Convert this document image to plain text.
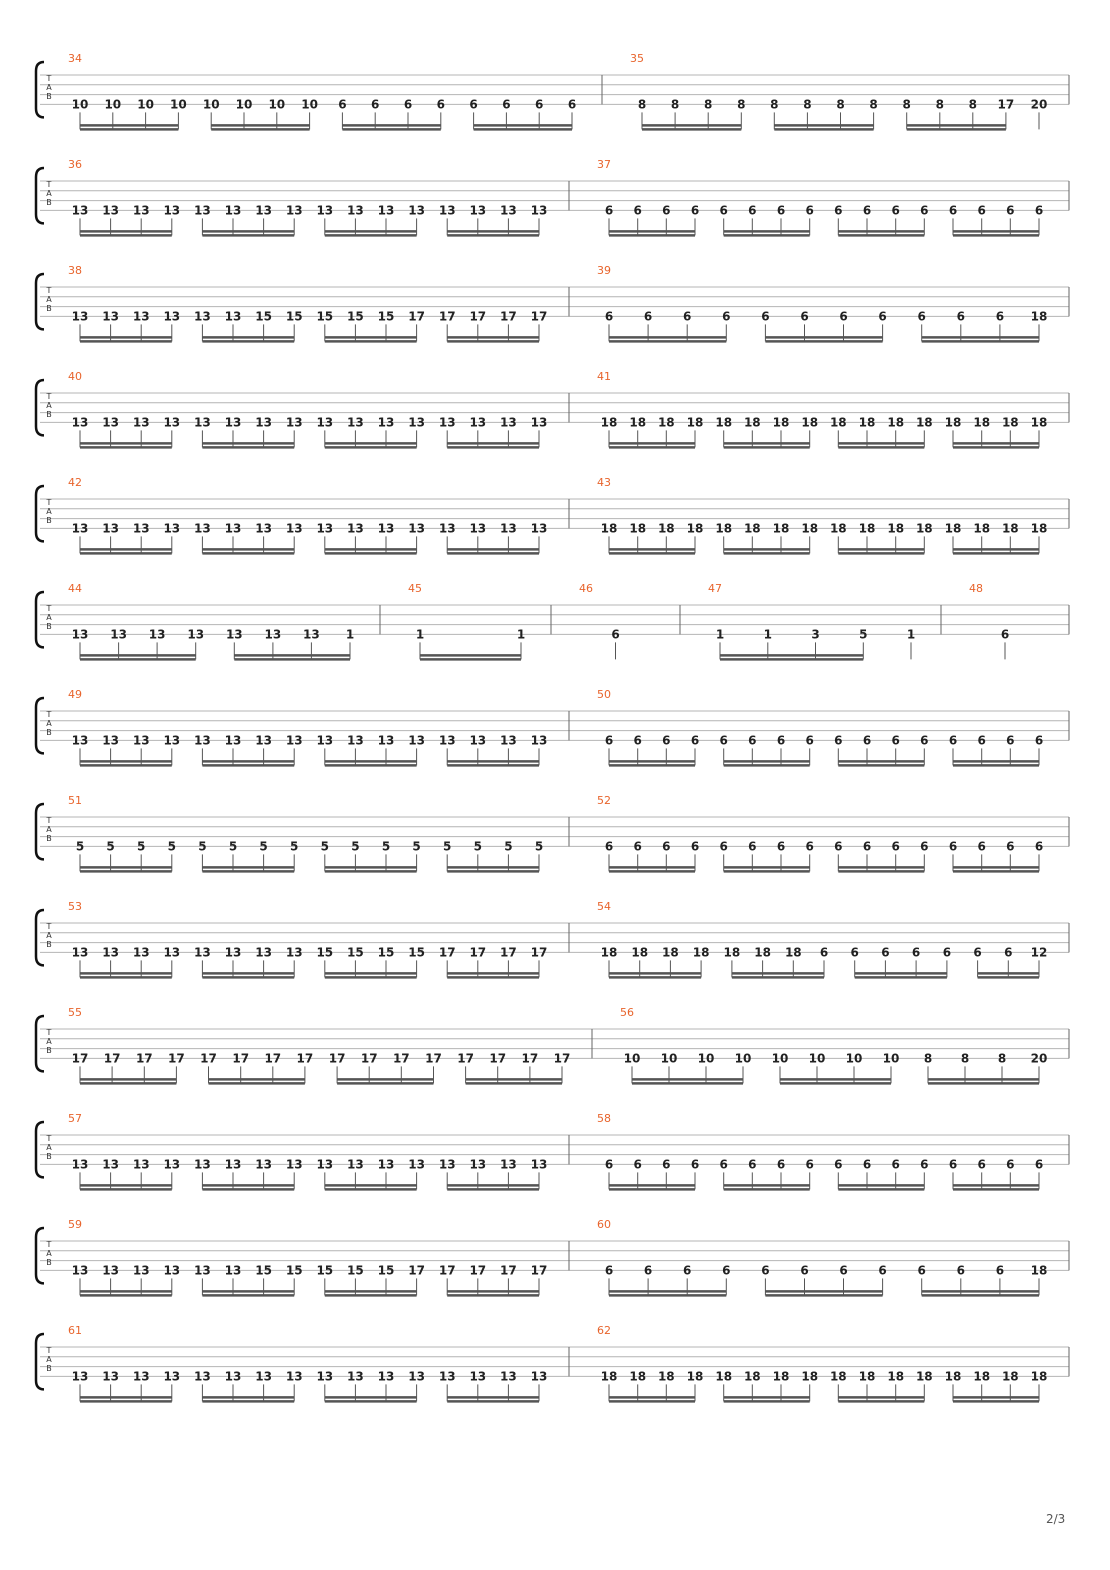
T
A
B
34
10 10 10 10 10 10 10 10 6 6 6 6 6 6 6 6
35
8 8 8 8 8 8 8 8 8 8 8 17 20
T
A
B
36
13 13 13 13 13 13 13 13 13 13 13 13 13 13 13 13
37
6 6 6 6 6 6 6 6 6 6 6 6 6 6 6 6
T
A
B
38
13 13 13 13 13 13 15 15 15 15 15 17 17 17 17 17
39
6	6	6	6	6	6	6	6	6	6	6 18
T
A
B
40
13 13 13 13 13 13 13 13 13 13 13 13 13 13 13 13
41
18 18 18 18 18 18 18 18 18 18 18 18 18 18 18 18
T
A
B
42
13 13 13 13 13 13 13 13 13 13 13 13 13 13 13 13
43
18 18 18 18 18 18 18 18 18 18 18 18 18 18 18 18
T
A
B
44
13 13 13 13 13 13 13 1
45
1	1
46
6
47
1	1	3	5	1
48
6
T
A
B
49
13 13 13 13 13 13 13 13 13 13 13 13 13 13 13 13
50
6 6 6 6 6 6 6 6 6 6 6 6 6 6 6 6
T
A
B
51
5 5 5 5 5 5 5 5 5 5 5 5 5 5 5 5
52
6 6 6 6 6 6 6 6 6 6 6 6 6 6 6 6
T
A
B
53
13 13 13 13 13 13 13 13 15 15 15 15 17 17 17 17
54
18 18 18 18 18 18 18 6 6 6 6 6 6 6 12
T
A
B
55
17 17 17 17 17 17 17 17 17 17 17 17 17 17 17 17
56
10 10 10 10 10 10 10 10 8 8 8 20
T
A
B
57
13 13 13 13 13 13 13 13 13 13 13 13 13 13 13 13
58
6 6 6 6 6 6 6 6 6 6 6 6 6 6 6 6
T
A
B
59
13 13 13 13 13 13 15 15 15 15 15 17 17 17 17 17
60
6	6	6	6	6	6	6	6	6	6	6 18
T
A
B
61
13 13 13 13 13 13 13 13 13 13 13 13 13 13 13 13
62
18 18 18 18 18 18 18 18 18 18 18 18 18 18 18 18
2/3
